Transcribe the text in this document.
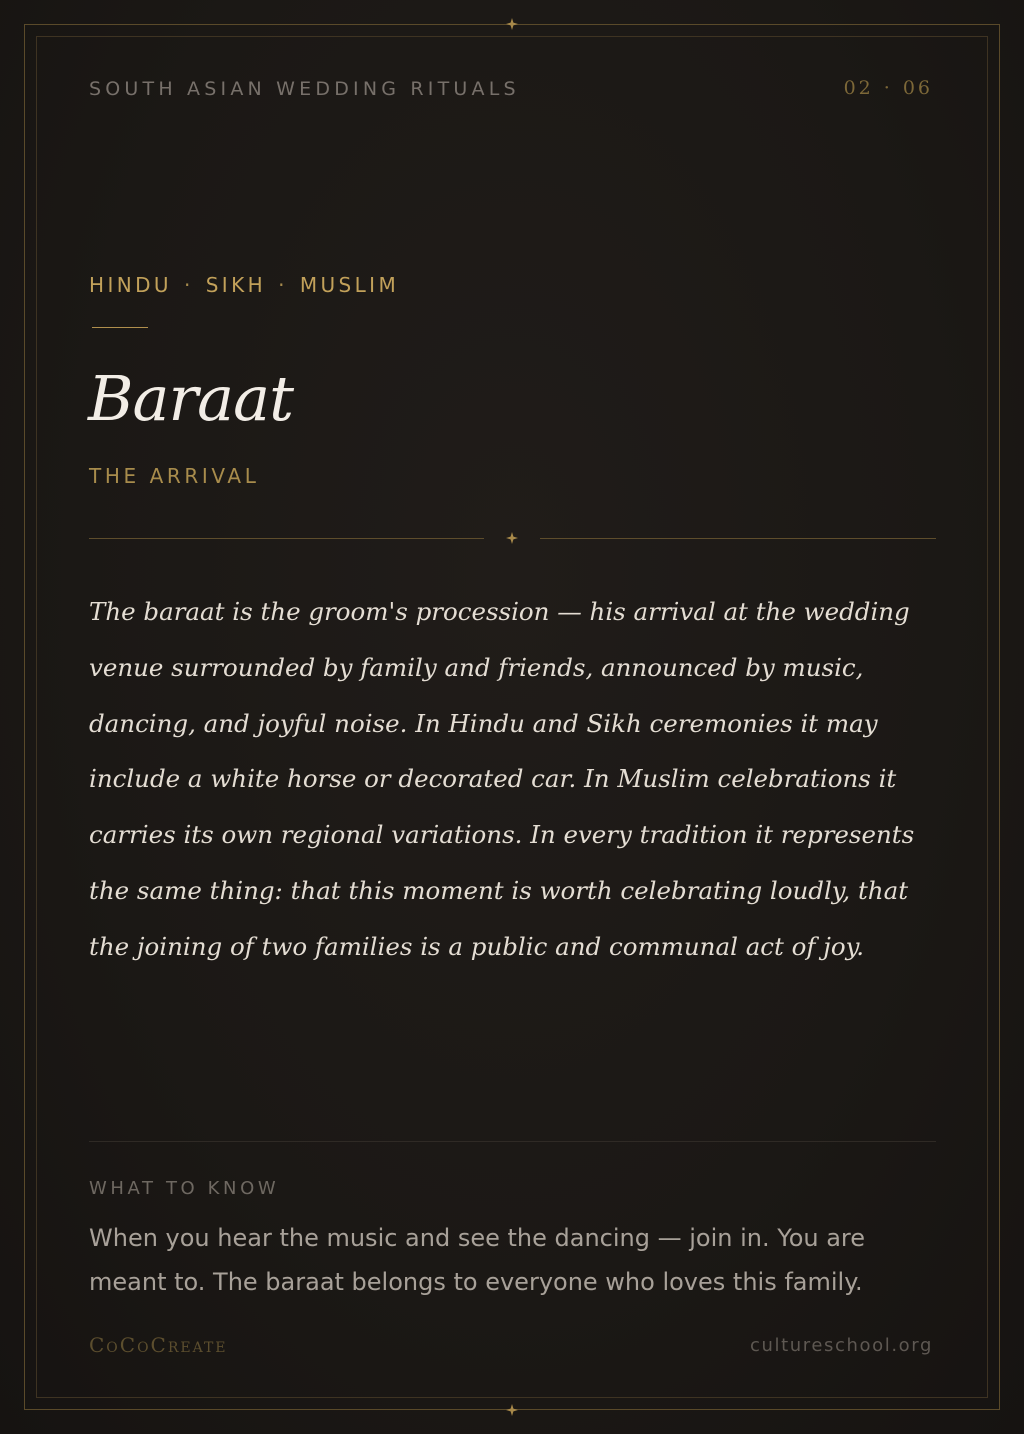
SOUTH ASIAN WEDDING RITUALS	02 · 06
HINDU · SIKH · MUSLIM
Baraat
THE ARRIVAL

The baraat is the groom's procession — his arrival at the wedding venue surrounded by family and friends, announced by music, dancing, and joyful noise. In Hindu and Sikh ceremonies it may include a white horse or decorated car. In Muslim celebrations it carries its own regional variations. In every tradition it represents the same thing: that this moment is worth celebrating loudly, that the joining of two families is a public and communal act of joy.

WHAT TO KNOW

When you hear the music and see the dancing — join in. You are meant to. The baraat belongs to everyone who loves this family.

CoCoCreate	cultureschool.org
